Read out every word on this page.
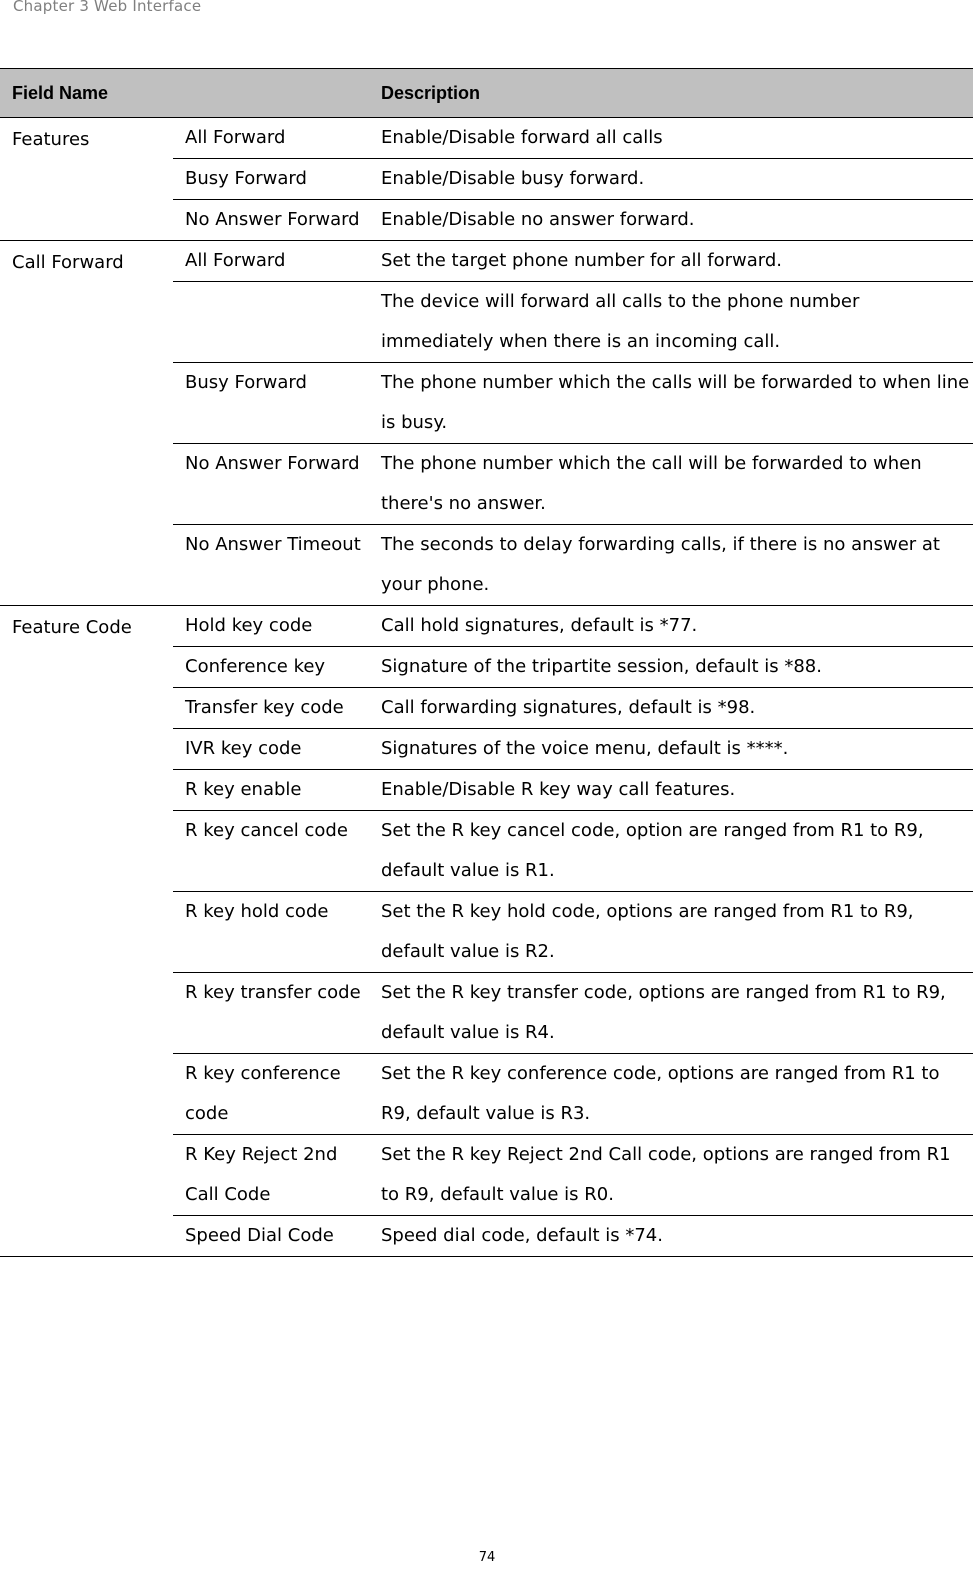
Chapter 3 Web Interface
Field Name		Description
Features	All Forward	Enable/Disable forward all calls
	Busy Forward	Enable/Disable busy forward.
	No Answer Forward	Enable/Disable no answer forward.
Call Forward	All Forward	Set the target phone number for all forward.
		The device will forward all calls to the phone number immediately when there is an incoming call.
	Busy Forward	The phone number which the calls will be forwarded to when line is busy.
	No Answer Forward	The phone number which the call will be forwarded to when there's no answer.
	No Answer Timeout	The seconds to delay forwarding calls, if there is no answer at your phone.
Feature Code	Hold key code	Call hold signatures, default is *77.
	Conference key	Signature of the tripartite session, default is *88.
	Transfer key code	Call forwarding signatures, default is *98.
	IVR key code	Signatures of the voice menu, default is ****.
	R key enable	Enable/Disable R key way call features.
	R key cancel code	Set the R key cancel code, option are ranged from R1 to R9, default value is R1.
	R key hold code	Set the R key hold code, options are ranged from R1 to R9, default value is R2.
	R key transfer code	Set the R key transfer code, options are ranged from R1 to R9, default value is R4.
	R key conference code	Set the R key conference code, options are ranged from R1 to R9, default value is R3.
	R Key Reject 2nd Call Code	Set the R key Reject 2nd Call code, options are ranged from R1 to R9, default value is R0.
	Speed Dial Code	Speed dial code, default is *74.
74
